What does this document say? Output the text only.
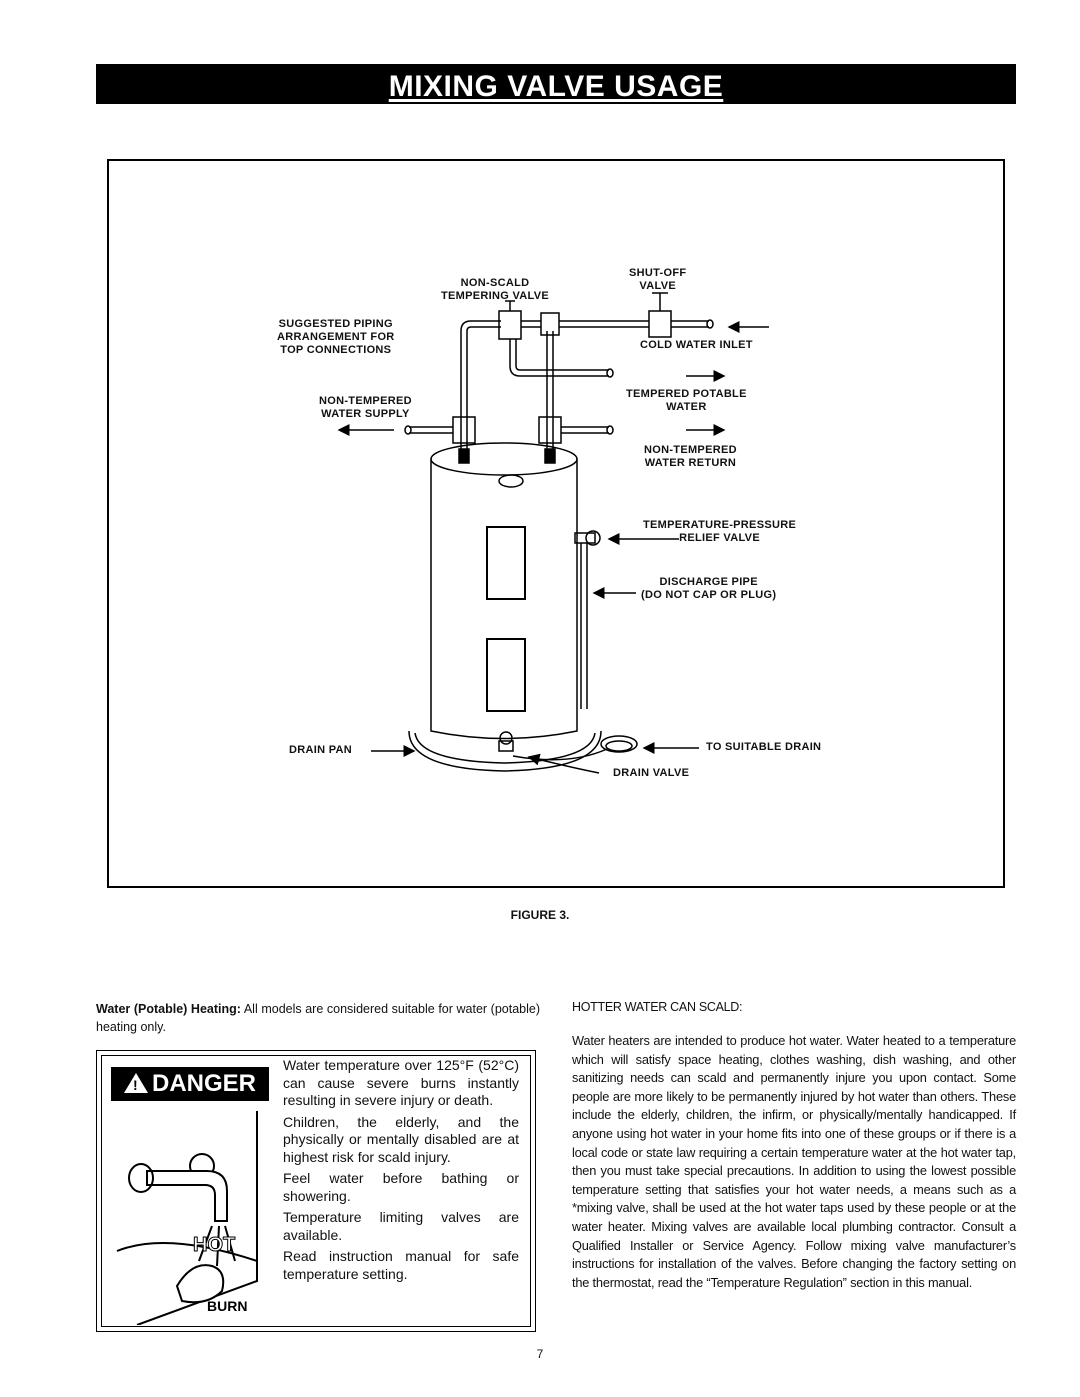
MIXING VALVE USAGE
NON-SCALD
TEMPERING VALVE
SHUT-OFF
VALVE
SUGGESTED PIPING
ARRANGEMENT FOR
TOP CONNECTIONS	COLD WATER INLET
NON-TEMPERED
WATER SUPPLY
TEMPERED POTABLE
WATER
NON-TEMPERED
WATER RETURN
TEMPERATURE-PRESSURE
RELIEF VALVE
DISCHARGE PIPE
(DO NOT CAP OR PLUG)
DRAIN PAN	TO SUITABLE DRAIN
DRAIN VALVE
FIGURE 3.
Water (Potable) Heating: All models are considered suitable for water (potable) heating only.
! DANGER
HOT
BURN

Water temperature over 125°F (52°C) can cause severe burns instantly resulting in severe injury or death.

Children, the elderly, and the physically or mentally disabled are at highest risk for scald injury.

Feel water before bathing or showering.

Temperature limiting valves are available.

Read instruction manual for safe temperature setting.

HOTTER WATER CAN SCALD:
Water heaters are intended to produce hot water. Water heated to a temperature which will satisfy space heating, clothes washing, dish washing, and other sanitizing needs can scald and permanently injure you upon contact. Some people are more likely to be permanently injured by hot water than others. These include the elderly, children, the infirm, or physically/mentally handicapped. If anyone using hot water in your home fits into one of these groups or if there is a local code or state law requiring a certain temperature water at the hot water tap, then you must take special precautions. In addition to using the lowest possible temperature setting that satisfies your hot water needs, a means such as a *mixing valve, shall be used at the hot water taps used by these people or at the water heater. Mixing valves are available local plumbing contractor. Consult a Qualified Installer or Service Agency. Follow mixing valve manufacturer’s instructions for installation of the valves. Before changing the factory setting on the thermostat, read the “Temperature Regulation” section in this manual.
7
